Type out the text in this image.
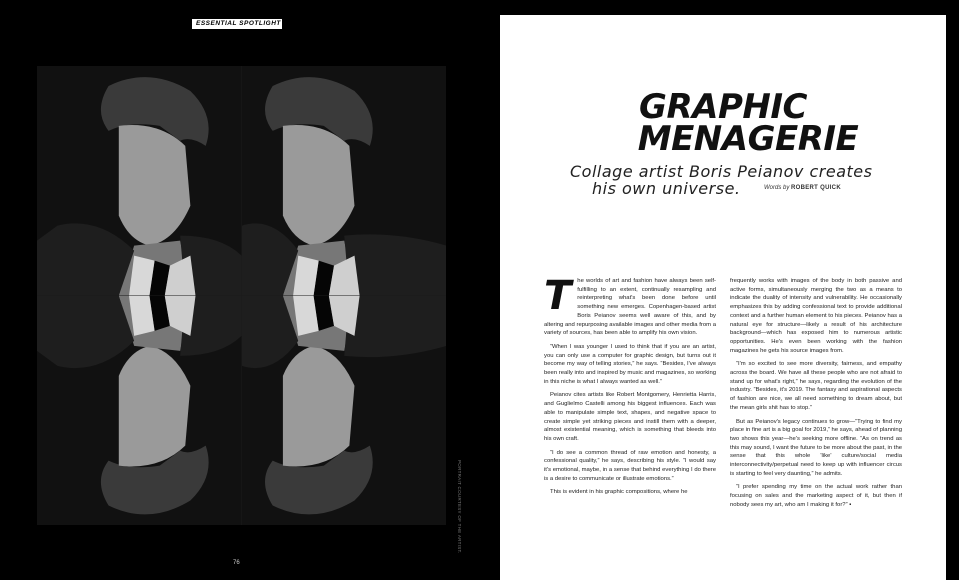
ESSENTIAL SPOTLIGHT
PORTRAIT COURTESY OF THE ARTIST.
76
GRAPHIC
MENAGERIE
Collage artist Boris Peianov creates
his own universe.	Words by ROBERT QUICK

T he worlds of art and fashion have always been self-fulfilling to an extent, continually resampling and reinterpreting what's been done before until something new emerges. Copenhagen-based artist Boris Peianov seems well aware of this, and by altering and repurposing available images and other media from a variety of sources, has been able to amplify his own vision.

“When I was younger I used to think that if you are an artist, you can only use a computer for graphic design, but turns out it become my way of telling stories,” he says. “Besides, I've always been really into and inspired by music and magazines, so working in this niche is what I always wanted as well.”

Peianov cites artists like Robert Montgomery, Henrietta Harris, and Guglielmo Castelli among his biggest influences. Each was able to manipulate simple text, shapes, and negative space to create simple yet striking pieces and instill them with a deeper, almost existential meaning, which is something that bleeds into his own craft.

“I do see a common thread of raw emotion and honesty, a confessional quality,” he says, describing his style. “I would say it's emotional, maybe, in a sense that behind everything I do there is a desire to communicate or illustrate emotions.”

This is evident in his graphic compositions, where he

frequently works with images of the body in both passive and active forms, simultaneously merging the two as a means to indicate the duality of intensity and vulnerability. He occasionally emphasizes this by adding confessional text to provide additional context and a further human element to his pieces. Peianov has a natural eye for structure—likely a result of his architecture background—which has exposed him to numerous artistic opportunities. He's even been working with the fashion magazines he gets his source images from.

“I'm so excited to see more diversity, fairness, and empathy across the board. We have all these people who are not afraid to stand up for what's right,” he says, regarding the evolution of the industry. “Besides, it's 2019. The fantasy and aspirational aspects of fashion are nice, we all need something to dream about, but the mean girls shit has to stop.”

But as Peianov's legacy continues to grow—“Trying to find my place in fine art is a big goal for 2019,” he says, ahead of planning two shows this year—he's seeking more offline. “As on trend as this may sound, I want the future to be more about the past, in the sense that this whole 'like' culture/social media interconnectivity/perpetual need to keep up with influencer circus is starting to feel very daunting,” he admits.

“I prefer spending my time on the actual work rather than focusing on sales and the marketing aspect of it, but then if nobody sees my art, who am I making it for?” ▪
